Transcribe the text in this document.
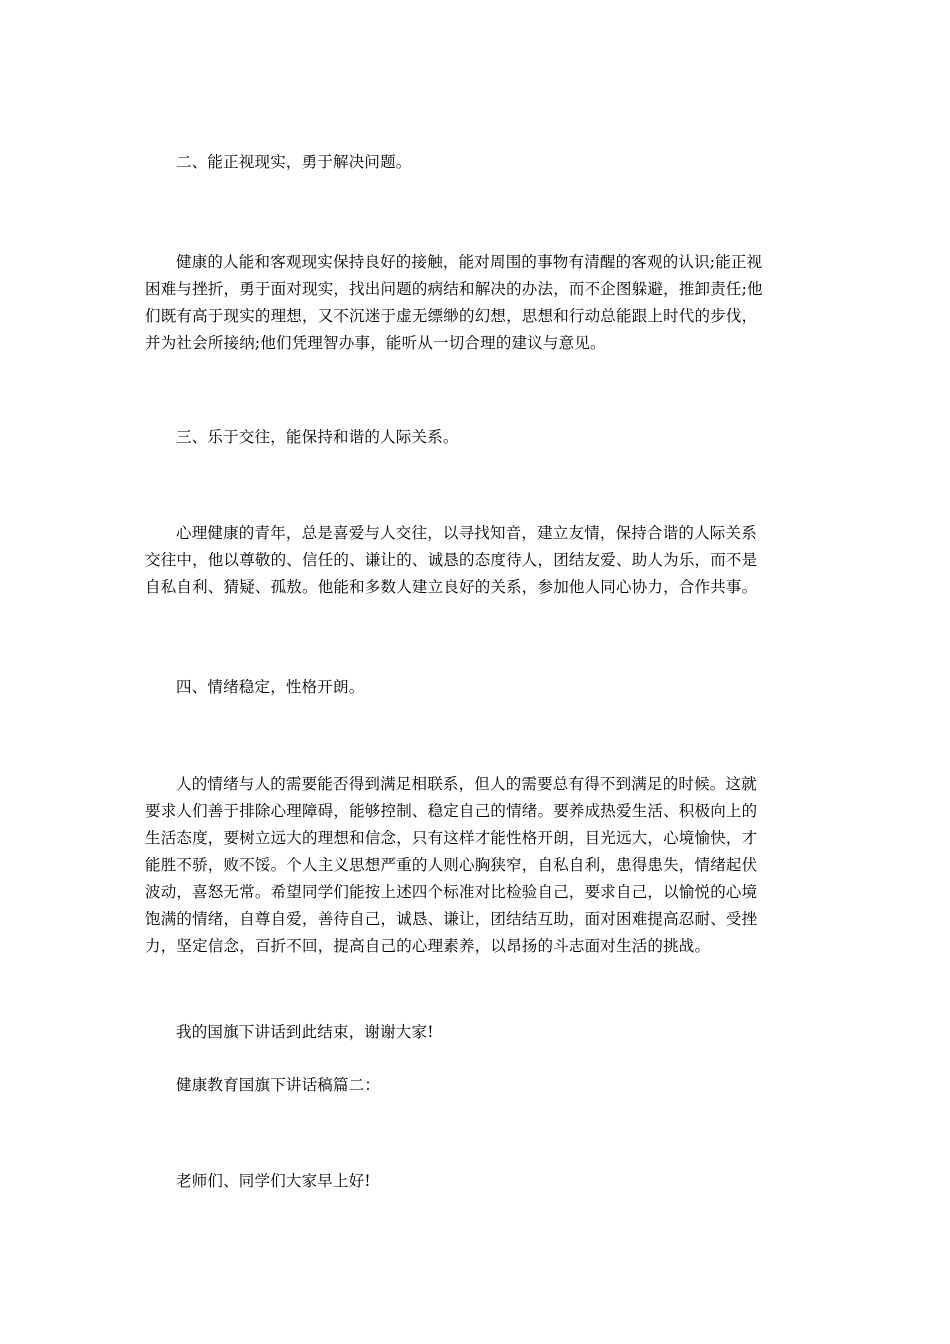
二、能正视现实，勇于解决问题。

健康的人能和客观现实保持良好的接触，能对周围的事物有清醒的客观的认识;能正视
困难与挫折，勇于面对现实，找出问题的病结和解决的办法，而不企图躲避，推卸责任;他
们既有高于现实的理想，又不沉迷于虚无缥缈的幻想，思想和行动总能跟上时代的步伐，
并为社会所接纳;他们凭理智办事，能听从一切合理的建议与意见。

三、乐于交往，能保持和谐的人际关系。

心理健康的青年，总是喜爱与人交往，以寻找知音，建立友情，保持合谐的人际关系
交往中，他以尊敬的、信任的、谦让的、诚恳的态度待人，团结友爱、助人为乐，而不是
自私自利、猜疑、孤敖。他能和多数人建立良好的关系，参加他人同心协力，合作共事。

四、情绪稳定，性格开朗。

人的情绪与人的需要能否得到满足相联系，但人的需要总有得不到满足的时候。这就
要求人们善于排除心理障碍，能够控制、稳定自己的情绪。要养成热爱生活、积极向上的
生活态度，要树立远大的理想和信念，只有这样才能性格开朗，目光远大，心境愉快，才
能胜不骄，败不馁。个人主义思想严重的人则心胸狭窄，自私自利，患得患失，情绪起伏
波动，喜怒无常。希望同学们能按上述四个标准对比检验自己，要求自己，以愉悦的心境
饱满的情绪，自尊自爱，善待自己，诚恳、谦让，团结结互助，面对困难提高忍耐、受挫
力，坚定信念，百折不回，提高自己的心理素养，以昂扬的斗志面对生活的挑战。

我的国旗下讲话到此结束，谢谢大家!

健康教育国旗下讲话稿篇二：

老师们、同学们大家早上好!
